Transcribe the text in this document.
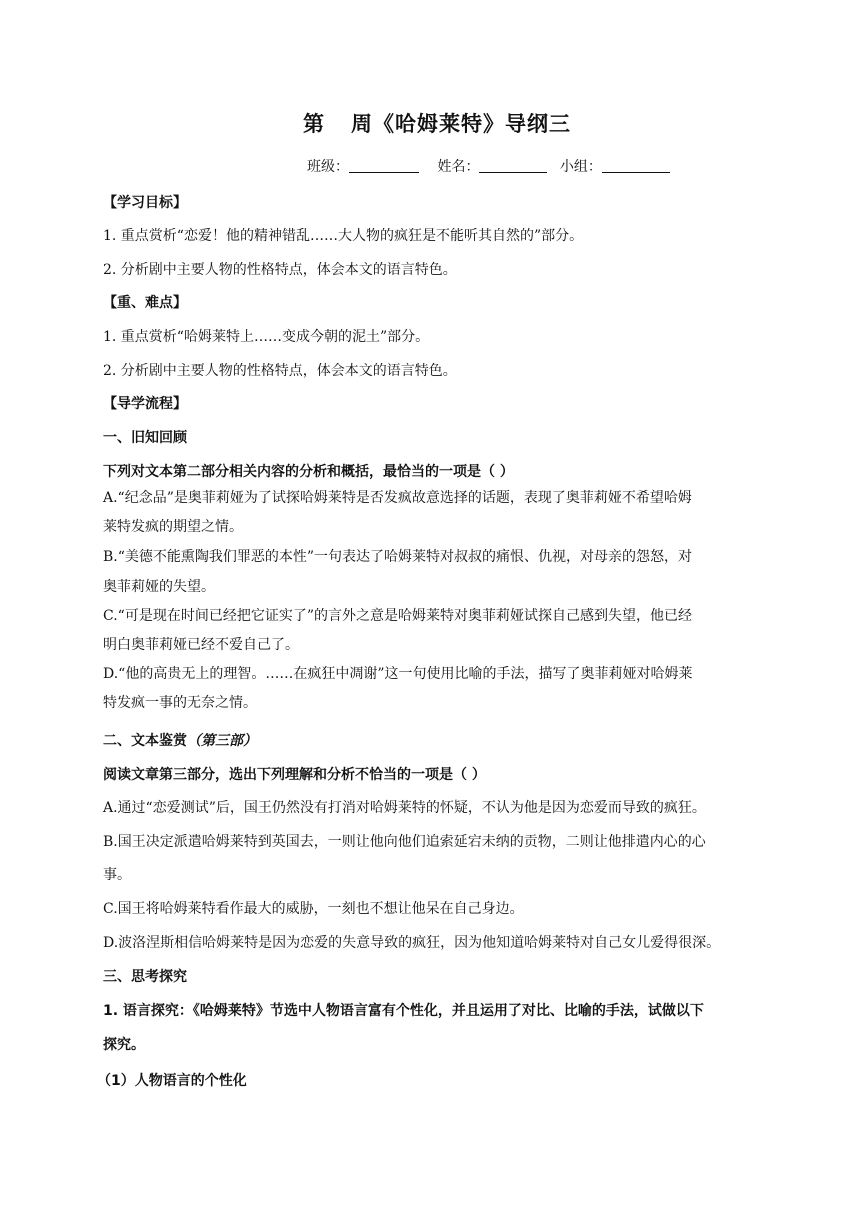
第 周《哈姆莱特》导纲三
班级：	姓名：	小组：
【学习目标】
1. 重点赏析“恋爱！他的精神错乱……大人物的疯狂是不能听其自然的”部分。
2. 分析剧中主要人物的性格特点，体会本文的语言特色。
【重、难点】
1. 重点赏析“哈姆莱特上……变成今朝的泥土”部分。
2. 分析剧中主要人物的性格特点，体会本文的语言特色。
【导学流程】
一、旧知回顾
下列对文本第二部分相关内容的分析和概括，最恰当的一项是（ ）
A.“纪念品”是奥菲莉娅为了试探哈姆莱特是否发疯故意选择的话题，表现了奥菲莉娅不希望哈姆
莱特发疯的期望之情。
B.“美德不能熏陶我们罪恶的本性”一句表达了哈姆莱特对叔叔的痛恨、仇视，对母亲的怨怒，对
奥菲莉娅的失望。
C.“可是现在时间已经把它证实了”的言外之意是哈姆莱特对奥菲莉娅试探自己感到失望，他已经
明白奥菲莉娅已经不爱自己了。
D.“他的高贵无上的理智。……在疯狂中凋谢”这一句使用比喻的手法，描写了奥菲莉娅对哈姆莱
特发疯一事的无奈之情。
二、文本鉴赏（第三部）
阅读文章第三部分，选出下列理解和分析不恰当的一项是（ ）
A.通过“恋爱测试”后，国王仍然没有打消对哈姆莱特的怀疑，不认为他是因为恋爱而导致的疯狂。
B.国王决定派遣哈姆莱特到英国去，一则让他向他们追索延宕未纳的贡物，二则让他排遣内心的心
事。
C.国王将哈姆莱特看作最大的威胁，一刻也不想让他呆在自己身边。
D.波洛涅斯相信哈姆莱特是因为恋爱的失意导致的疯狂，因为他知道哈姆莱特对自己女儿爱得很深。
三、思考探究
1. 语言探究：《哈姆莱特》节选中人物语言富有个性化，并且运用了对比、比喻的手法，试做以下
探究。
（1）人物语言的个性化
